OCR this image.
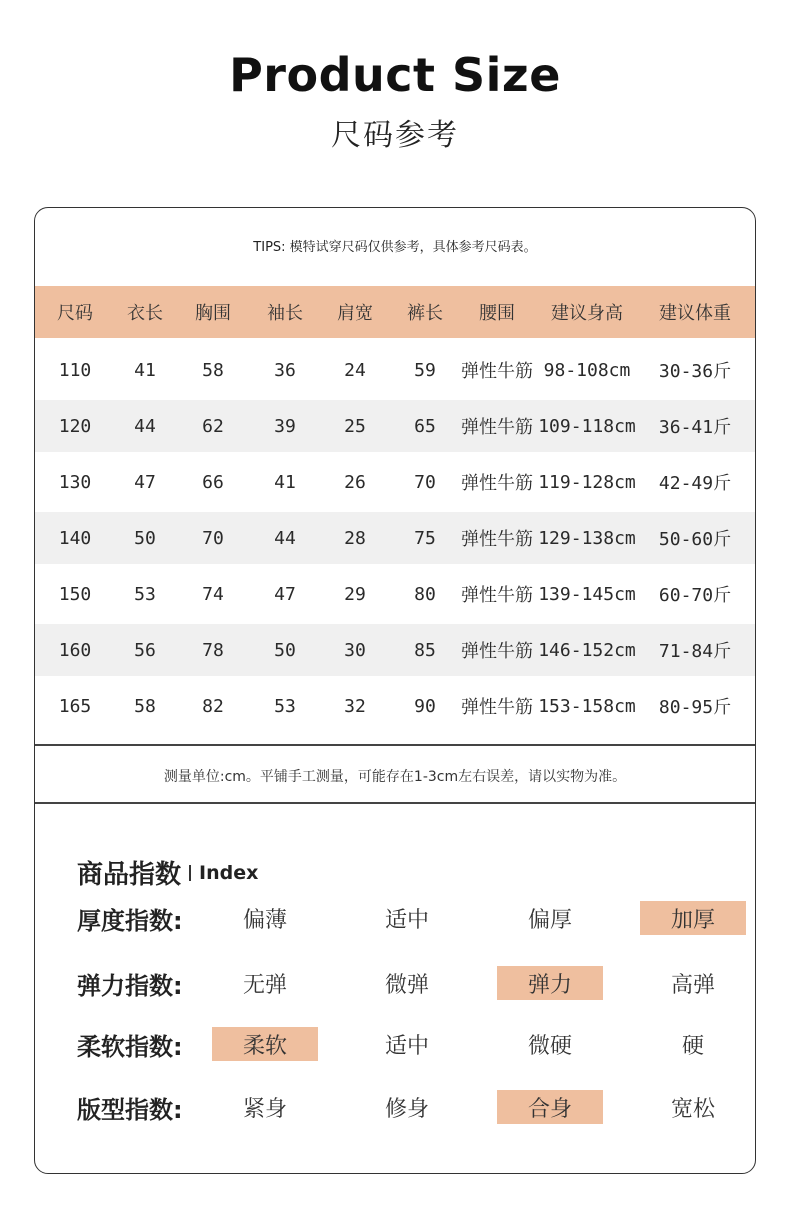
Product Size
尺码参考
TIPS: 模特试穿尺码仅供参考，具体参考尺码表。
尺码	衣长	胸围	袖长	肩宽	裤长	腰围	建议身高	建议体重
110	41	58	36	24	59	弹性牛筋 98-108cm	30-36斤
120	44	62	39	25	65	弹性牛筋 109-118cm	36-41斤
130	47	66	41	26	70	弹性牛筋 119-128cm	42-49斤
140	50	70	44	28	75	弹性牛筋 129-138cm	50-60斤
150	53	74	47	29	80	弹性牛筋 139-145cm	60-70斤
160	56	78	50	30	85	弹性牛筋 146-152cm	71-84斤
165	58	82	53	32	90	弹性牛筋 153-158cm	80-95斤
测量单位:cm。平铺手工测量，可能存在1-3cm左右误差，请以实物为准。
商品指数 Index
厚度指数:	偏薄	适中	偏厚	加厚
弹力指数:	无弹	微弹	弹力	高弹
柔软指数:	柔软	适中	微硬	硬
版型指数:	紧身	修身	合身	宽松
